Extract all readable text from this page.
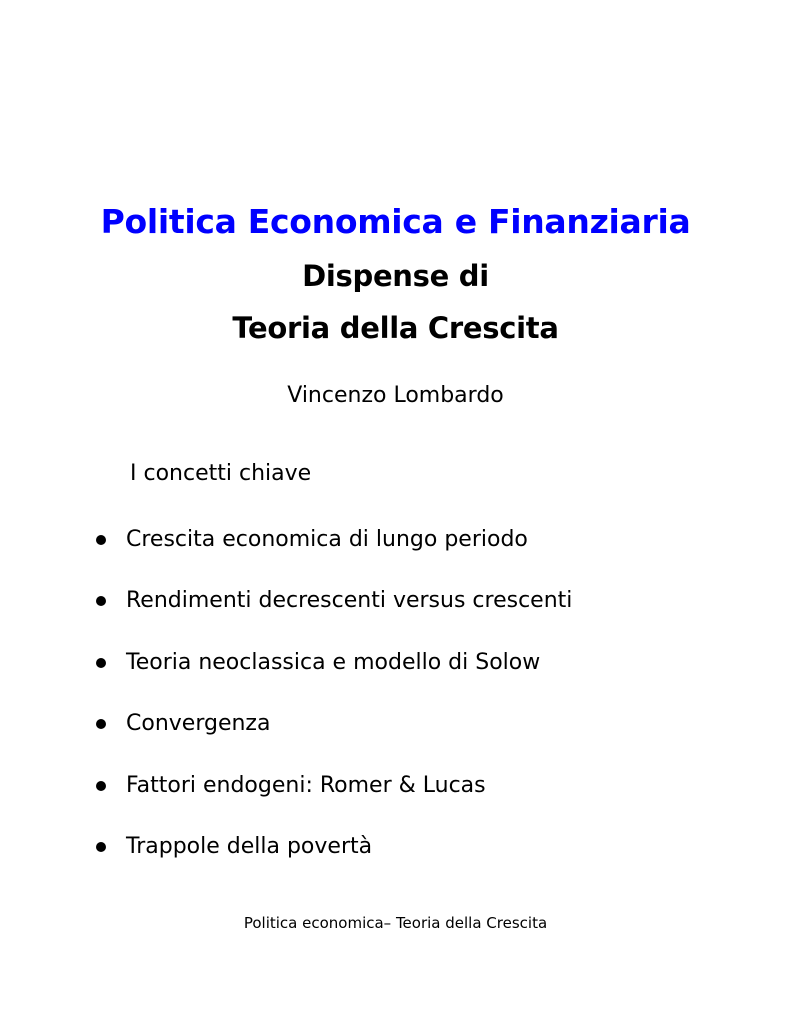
Politica Economica e Finanziaria
Dispense di
Teoria della Crescita
Vincenzo Lombardo
I concetti chiave
Crescita economica di lungo periodo
Rendimenti decrescenti versus crescenti
Teoria neoclassica e modello di Solow
Convergenza
Fattori endogeni: Romer & Lucas
Trappole della povertà
Politica economica– Teoria della Crescita
